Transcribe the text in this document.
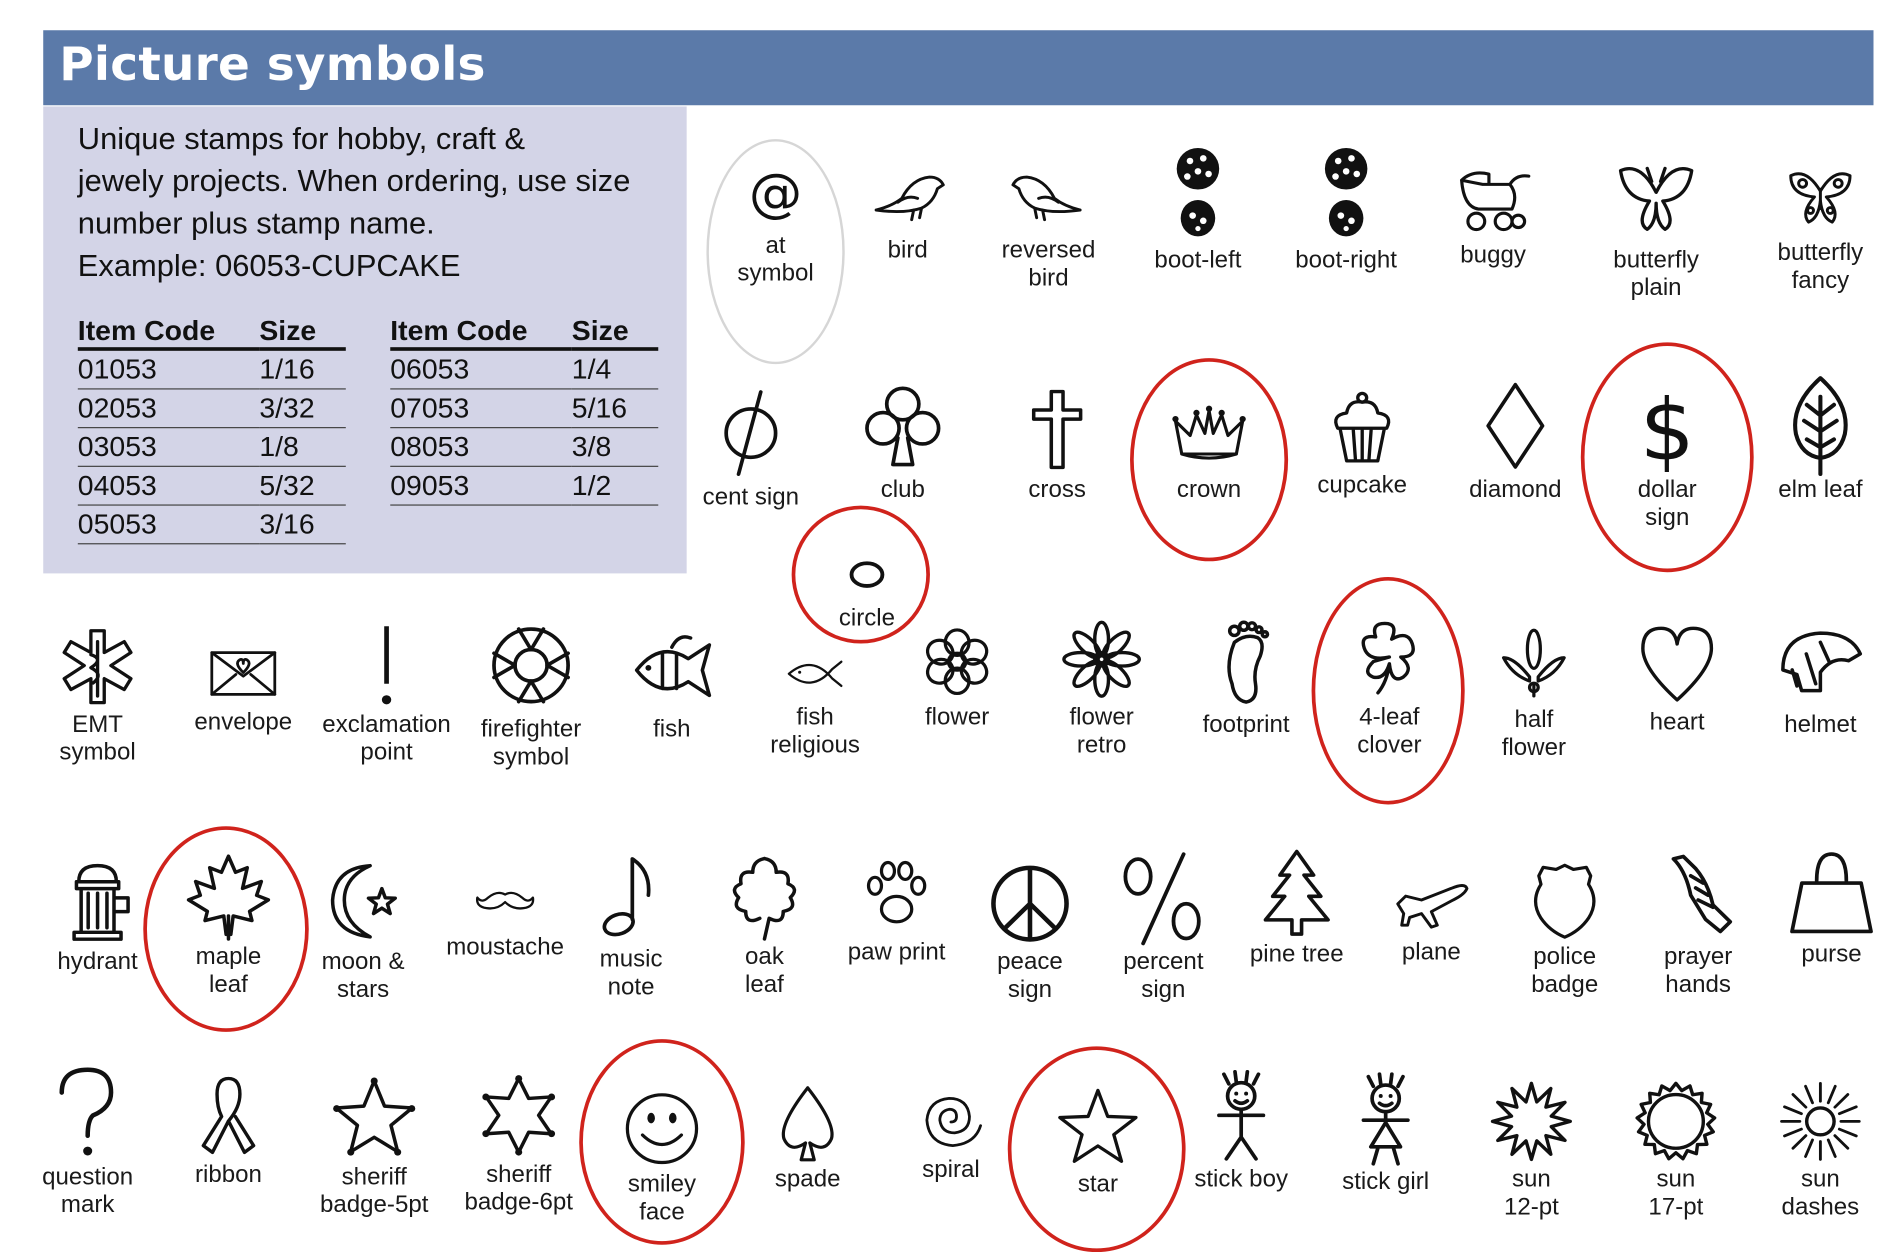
Picture symbols
Unique stamps for hobby, craft &
jewely projects. When ordering, use size
number plus stamp name.
Example: 06053-CUPCAKE
Item Code	Size
01053	1/16
02053	3/32
03053	1/8
04053	5/32
05053	3/16
Item Code	Size
06053	1/4
07053	5/16
08053	3/8
09053	1/2
@
at
symbol
bird	reversed
bird
boot-left	boot-right	buggy	butterfly
plain
butterfly
fancy
cent sign	club	cross	crown	cupcake	diamond
$
dollar
sign
elm leaf
circle
EMT
symbol
envelope	exclamation
point
firefighter
symbol
fish	fish
religious
flower	flower
retro
footprint	4-leaf
clover
half
flower
heart	helmet
hydrant	maple
leaf
moon &
stars
moustache	music
note
oak
leaf
paw print	peace
sign
percent
sign
pine tree	plane	police
badge
prayer
hands
purse
question
mark
ribbon	sheriff
badge-5pt
sheriff
badge-6pt
smiley
face
spade	spiral
star	stick boy	stick girl	sun
12-pt
sun
17-pt
sun
dashes
